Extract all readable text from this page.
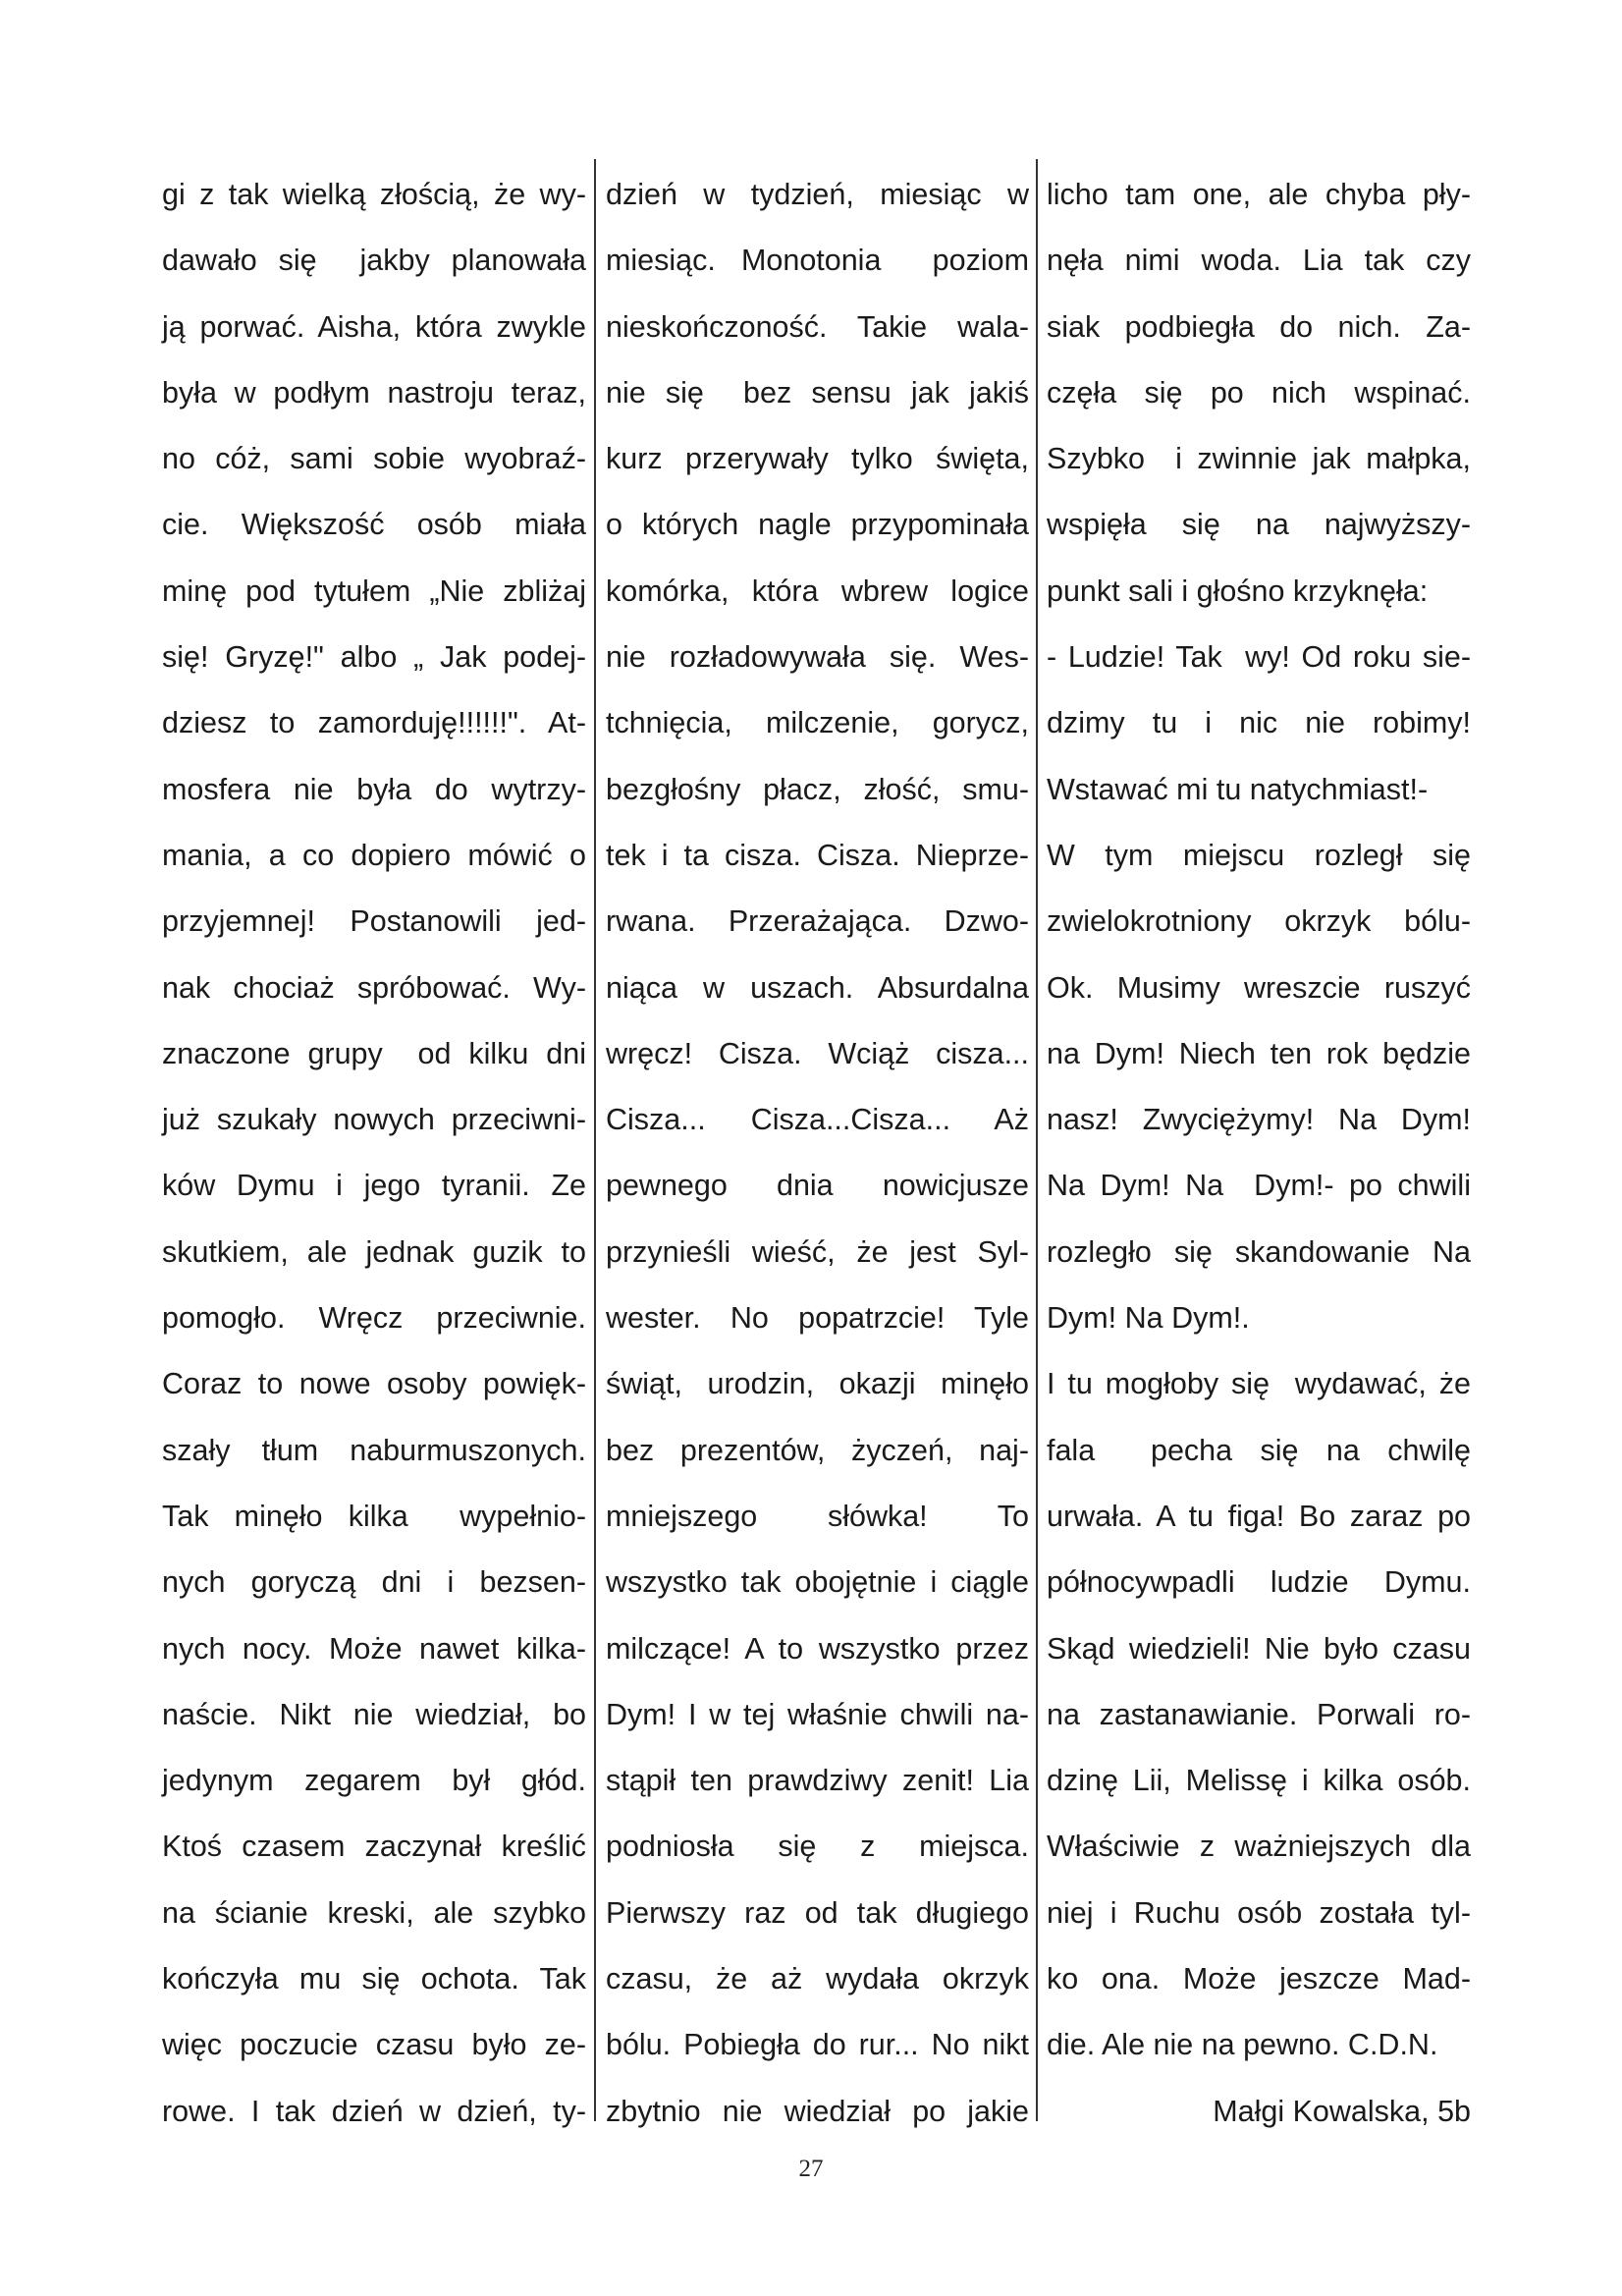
gi z tak wielką złością, że wy-
dawało się  jakby planowała
ją porwać. Aisha, która zwykle
była w podłym nastroju teraz,
no cóż, sami sobie wyobraź-
cie. Większość osób miała
minę pod tytułem „Nie zbliżaj
się! Gryzę!" albo „ Jak podej-
dziesz to zamorduję!!!!!!". At-
mosfera nie była do wytrzy-
mania, a co dopiero mówić o
przyjemnej! Postanowili jed-
nak chociaż spróbować. Wy-
znaczone grupy  od kilku dni
już szukały nowych przeciwni-
ków Dymu i jego tyranii. Ze
skutkiem, ale jednak guzik to
pomogło. Wręcz przeciwnie.
Coraz to nowe osoby powięk-
szały tłum naburmuszonych.
Tak minęło kilka  wypełnio-
nych goryczą dni i bezsen-
nych nocy. Może nawet kilka-
naście. Nikt nie wiedział, bo
jedynym zegarem był głód.
Ktoś czasem zaczynał kreślić
na ścianie kreski, ale szybko
kończyła mu się ochota. Tak
więc poczucie czasu było ze-
rowe. I tak dzień w dzień, ty-
dzień w tydzień, miesiąc w
miesiąc. Monotonia  poziom
nieskończoność. Takie wala-
nie się  bez sensu jak jakiś
kurz przerywały tylko święta,
o których nagle przypominała
komórka, która wbrew logice
nie rozładowywała się. Wes-
tchnięcia, milczenie, gorycz,
bezgłośny płacz, złość, smu-
tek i ta cisza. Cisza. Nieprze-
rwana. Przerażająca. Dzwo-
niąca w uszach. Absurdalna
wręcz! Cisza. Wciąż cisza...
Cisza...  Cisza...Cisza...  Aż
pewnego dnia nowicjusze
przynieśli wieść, że jest Syl-
wester. No popatrzcie! Tyle
świąt, urodzin, okazji minęło
bez prezentów, życzeń, naj-
mniejszego słówka! To
wszystko tak obojętnie i ciągle
milczące! A to wszystko przez
Dym! I w tej właśnie chwili na-
stąpił ten prawdziwy zenit! Lia
podniosła się z miejsca.
Pierwszy raz od tak długiego
czasu, że aż wydała okrzyk
bólu. Pobiegła do rur... No nikt
zbytnio nie wiedział po jakie
licho tam one, ale chyba pły-
nęła nimi woda. Lia tak czy
siak podbiegła do nich. Za-
częła się po nich wspinać.
Szybko  i zwinnie jak małpka,
wspięła się na najwyższy-
punkt sali i głośno krzyknęła:
- Ludzie! Tak  wy! Od roku sie-
dzimy tu i nic nie robimy!
Wstawać mi tu natychmiast!-
W tym miejscu rozległ się
zwielokrotniony okrzyk bólu-
Ok. Musimy wreszcie ruszyć
na Dym! Niech ten rok będzie
nasz! Zwyciężymy! Na Dym!
Na Dym! Na  Dym!- po chwili
rozległo się skandowanie Na
Dym! Na Dym!.
I tu mogłoby się  wydawać, że
fala  pecha się na chwilę
urwała. A tu figa! Bo zaraz po
północywpadli ludzie Dymu.
Skąd wiedzieli! Nie było czasu
na zastanawianie. Porwali ro-
dzinę Lii, Melissę i kilka osób.
Właściwie z ważniejszych dla
niej i Ruchu osób została tyl-
ko ona. Może jeszcze Mad-
die. Ale nie na pewno. C.D.N.
Małgi Kowalska, 5b
27
